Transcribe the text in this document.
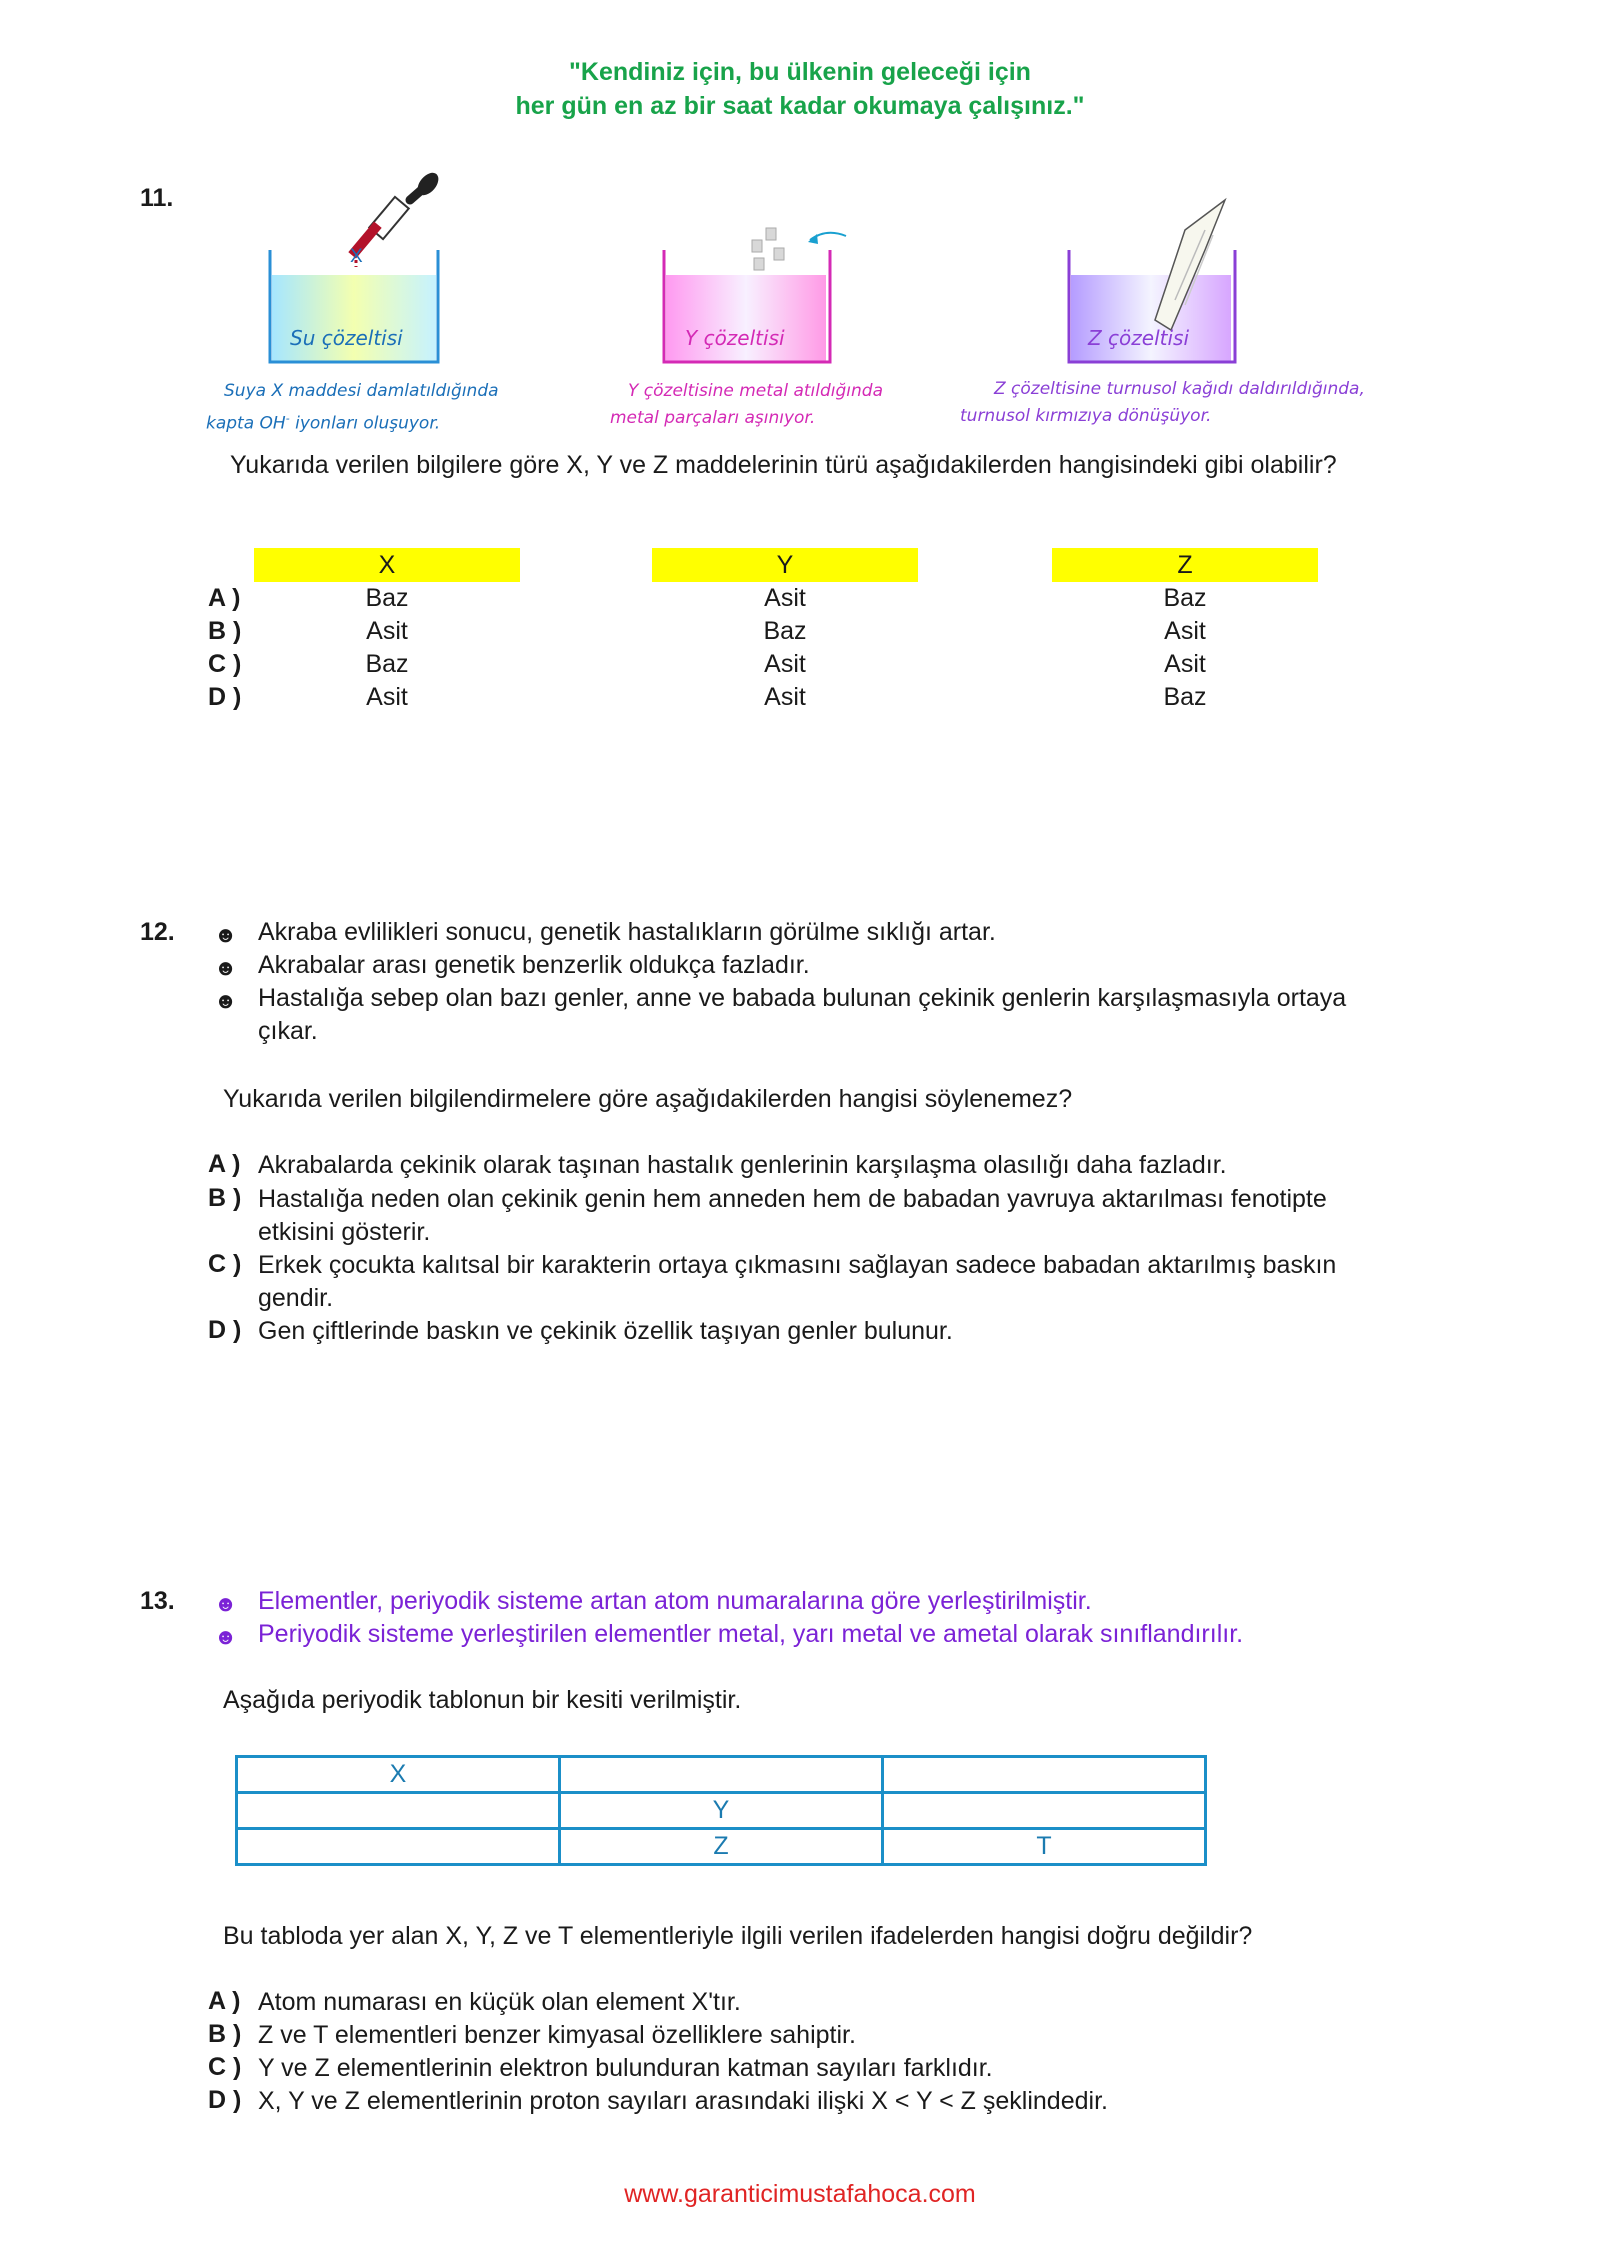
"Kendiniz için, bu ülkenin geleceği için
her gün en az bir saat kadar okumaya çalışınız."
11.
X
Su çözeltisi	Y çözeltisi	Z çözeltisi
Suya X maddesi damlatıldığında
kapta OH- iyonları oluşuyor.
Y çözeltisine metal atıldığında
metal parçaları aşınıyor.
Z çözeltisine turnusol kağıdı daldırıldığında,
turnusol kırmızıya dönüşüyor.
Yukarıda verilen bilgilere göre X, Y ve Z maddelerinin türü aşağıdakilerden hangisindeki gibi olabilir?
X	Y	Z
A )	Baz	Asit	Baz
B )	Asit	Baz	Asit
C )	Baz	Asit	Asit
D )	Asit	Asit	Baz
12. ☻ Akraba evlilikleri sonucu, genetik hastalıkların görülme sıklığı artar.
☻ Akrabalar arası genetik benzerlik oldukça fazladır.
☻ Hastalığa sebep olan bazı genler, anne ve babada bulunan çekinik genlerin karşılaşmasıyla ortaya
çıkar.
Yukarıda verilen bilgilendirmelere göre aşağıdakilerden hangisi söylenemez?
A ) Akrabalarda çekinik olarak taşınan hastalık genlerinin karşılaşma olasılığı daha fazladır.
B ) Hastalığa neden olan çekinik genin hem anneden hem de babadan yavruya aktarılması fenotipte
etkisini gösterir.
C ) Erkek çocukta kalıtsal bir karakterin ortaya çıkmasını sağlayan sadece babadan aktarılmış baskın
gendir.
D ) Gen çiftlerinde baskın ve çekinik özellik taşıyan genler bulunur.
13. ☻ Elementler, periyodik sisteme artan atom numaralarına göre yerleştirilmiştir.
☻ Periyodik sisteme yerleştirilen elementler metal, yarı metal ve ametal olarak sınıflandırılır.
Aşağıda periyodik tablonun bir kesiti verilmiştir.
X		
	Y	
	Z	T
Bu tabloda yer alan X, Y, Z ve T elementleriyle ilgili verilen ifadelerden hangisi doğru değildir?
A ) Atom numarası en küçük olan element X'tır.
B ) Z ve T elementleri benzer kimyasal özelliklere sahiptir.
C ) Y ve Z elementlerinin elektron bulunduran katman sayıları farklıdır.
D ) X, Y ve Z elementlerinin proton sayıları arasındaki ilişki X < Y < Z şeklindedir.
www.garanticimustafahoca.com
